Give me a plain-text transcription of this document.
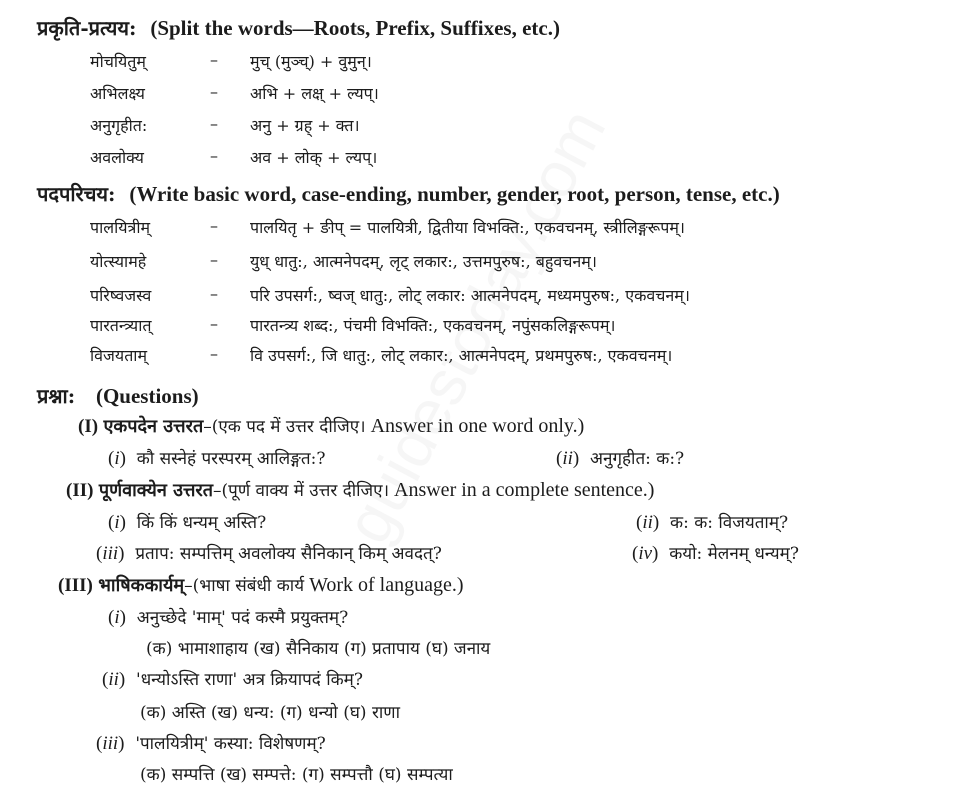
प्रकृति-प्रत्यय: (Split the words—Roots, Prefix, Suffixes, etc.)
मोचयितुम्	– मुच् (मुञ्च्) + वुमुन्।
अभिलक्ष्य	– अभि + लक्ष् + ल्यप्।
अनुगृहीत:	– अनु + ग्रह् + क्त।
अवलोक्य	– अव + लोक् + ल्यप्।
पदपरिचय: (Write basic word, case-ending, number, gender, root, person, tense, etc.)
पालयित्रीम्	– पालयितृ + ङीप् = पालयित्री, द्वितीया विभक्ति:, एकवचनम्, स्त्रीलिङ्गरूपम्।
योत्स्यामहे	– युध् धातु:, आत्मनेपदम्, लृट् लकार:, उत्तमपुरुष:, बहुवचनम्।
परिष्वजस्व	– परि उपसर्ग:, ष्वज् धातु:, लोट् लकार: आत्मनेपदम्, मध्यमपुरुष:, एकवचनम्।
पारतन्त्र्यात्	– पारतन्त्र्य शब्द:, पंचमी विभक्ति:, एकवचनम्, नपुंसकलिङ्गरूपम्।
विजयताम्	– वि उपसर्ग:, जि धातु:, लोट् लकार:, आत्मनेपदम्, प्रथमपुरुष:, एकवचनम्।
प्रश्ना: (Questions)
(I) एकपदेन उत्तरत–(एक पद में उत्तर दीजिए। Answer in one word only.)
(i) कौ सस्नेहं परस्परम् आलिङ्गत:?	(ii) अनुगृहीत: क:?
(II) पूर्णवाक्येन उत्तरत–(पूर्ण वाक्य में उत्तर दीजिए। Answer in a complete sentence.)
(i) किं किं धन्यम् अस्ति?	(ii) क: क: विजयताम्?
(iii) प्रताप: सम्पत्तिम् अवलोक्य सैनिकान् किम् अवदत्?	(iv) कयो: मेलनम् धन्यम्?
(III) भाषिककार्यम्–(भाषा संबंधी कार्य Work of language.)
(i) अनुच्छेदे 'माम्' पदं कस्मै प्रयुक्तम्?
(क) भामाशाहाय (ख) सैनिकाय (ग) प्रतापाय (घ) जनाय
(ii) 'धन्योऽस्ति राणा' अत्र क्रियापदं किम्?
(क) अस्ति (ख) धन्य: (ग) धन्यो (घ) राणा
(iii) 'पालयित्रीम्' कस्या: विशेषणम्?
(क) सम्पत्ति (ख) सम्पत्ते: (ग) सम्पत्तौ (घ) सम्पत्या
